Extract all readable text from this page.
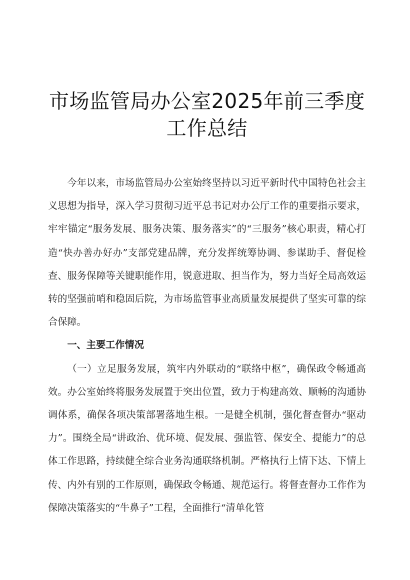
市场监管局办公室2025年前三季度工作总结

今年以来，市场监管局办公室始终坚持以习近平新时代中国特色社会主义思想为指导，深入学习贯彻习近平总书记对办公厅工作的重要指示要求，牢牢锚定“服务发展、服务决策、服务落实”的“三服务”核心职责，精心打造“快办善办好办”支部党建品牌，充分发挥统筹协调、参谋助手、督促检查、服务保障等关键职能作用，锐意进取、担当作为，努力当好全局高效运转的坚强前哨和稳固后院，为市场监管事业高质量发展提供了坚实可靠的综合保障。

一、主要工作情况

（一）立足服务发展，筑牢内外联动的“联络中枢”，确保政令畅通高效。办公室始终将服务发展置于突出位置，致力于构建高效、顺畅的沟通协调体系，确保各项决策部署落地生根。一是健全机制，强化督查督办“驱动力”。围绕全局“讲政治、优环境、促发展、强监管、保安全、提能力”的总体工作思路，持续健全综合业务沟通联络机制。严格执行上情下达、下情上传、内外有别的工作原则，确保政令畅通、规范运行。将督查督办工作作为保障决策落实的“牛鼻子”工程，全面推行“清单化管
